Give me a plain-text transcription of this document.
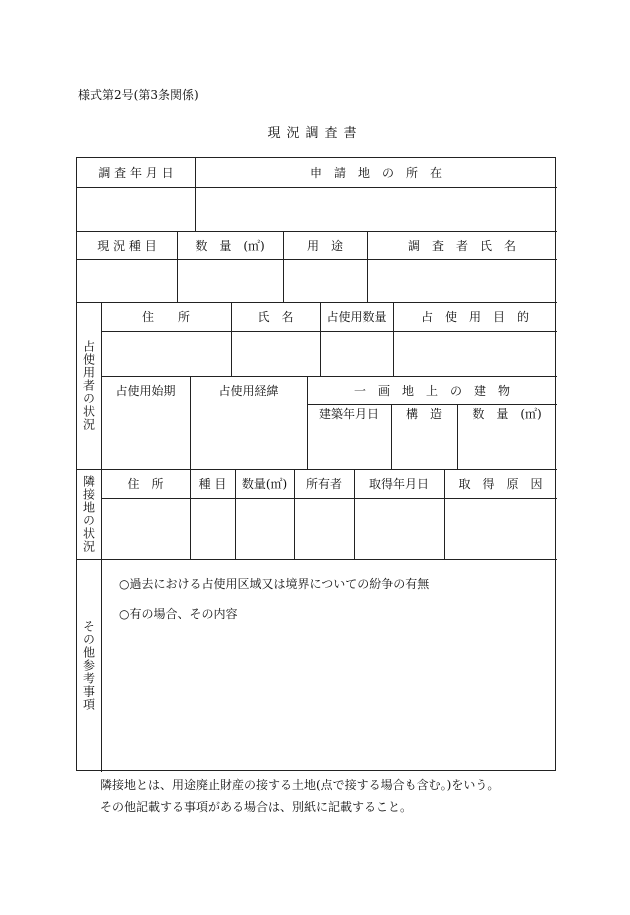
様式第2号(第3条関係)
現況調査書
調 査 年 月 日	申　請　地　の　所　在
現 況 種 目	数　量　(㎡)	用　途	調　査　者　氏　名
占使用者の状況
住　　所	氏　名	占使用数量	占　使　用　目　的
占使用始期	占使用経緯	一　画　地　上　の　建　物
建築年月日	構　造	数　量　(㎡)
隣接地の状況	住　所	種 目	数量(㎡)	所有者	取得年月日	取　得　原　因
その他参考事項
○過去における占使用区域又は境界についての紛争の有無
○有の場合、その内容
隣接地とは、用途廃止財産の接する土地(点で接する場合も含む。)をいう。
その他記載する事項がある場合は、別紙に記載すること。
